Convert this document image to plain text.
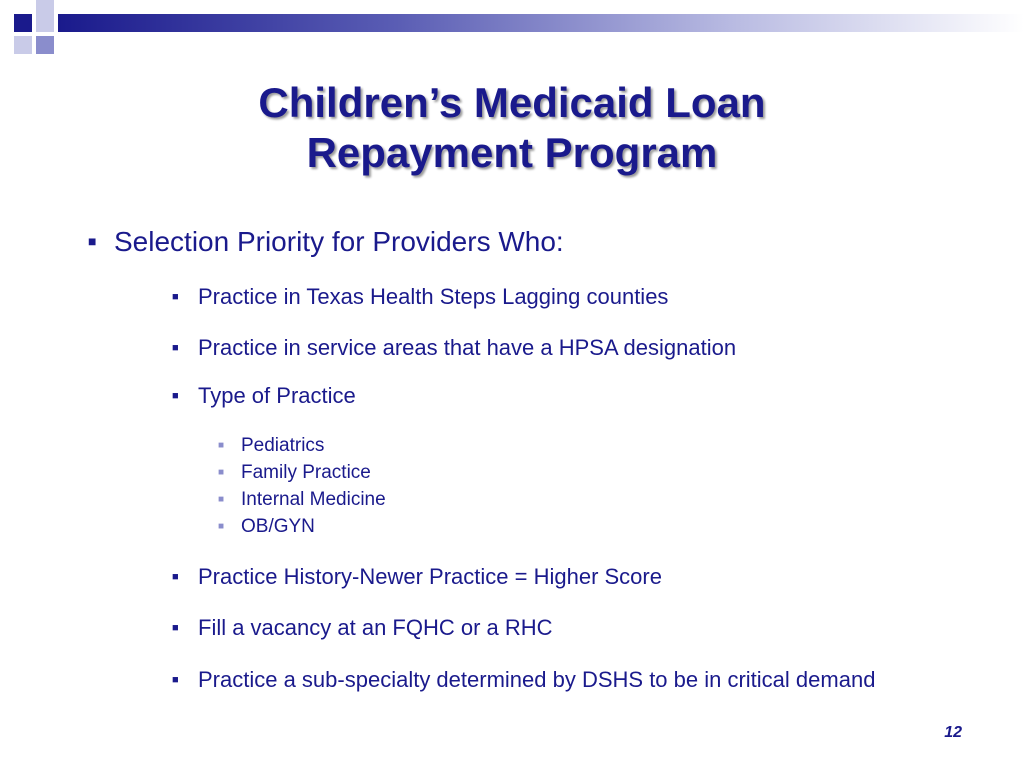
Children’s Medicaid Loan
Repayment Program
■ Selection Priority for Providers Who:
■ Practice in Texas Health Steps Lagging counties
■ Practice in service areas that have a HPSA designation
■ Type of Practice
■ Pediatrics
■ Family Practice
■ Internal Medicine
■ OB/GYN
■ Practice History-Newer Practice = Higher Score
■ Fill a vacancy at an FQHC or a RHC
■ Practice a sub-specialty determined by DSHS to be in critical demand
12
